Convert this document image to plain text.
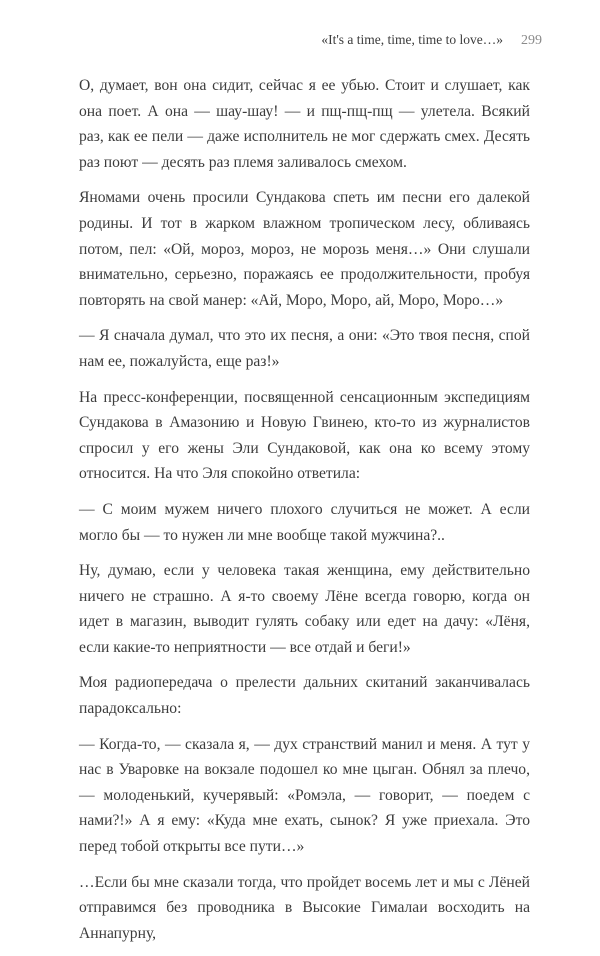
«It's a time, time, time to love…» 299

О, думает, вон она сидит, сейчас я ее убью. Стоит и слушает, как она поет. А она — шау-шау! — и пщ-пщ-пщ — улетела. Всякий раз, как ее пели — даже исполнитель не мог сдержать смех. Десять раз поют — десять раз племя заливалось смехом.

Яномами очень просили Сундакова спеть им песни его далекой родины. И тот в жарком влажном тропическом лесу, обливаясь потом, пел: «Ой, мороз, мороз, не морозь меня…» Они слушали внимательно, серьезно, поражаясь ее продолжительности, пробуя повторять на свой манер: «Ай, Моро, Моро, ай, Моро, Моро…»

— Я сначала думал, что это их песня, а они: «Это твоя песня, спой нам ее, пожалуйста, еще раз!»

На пресс-конференции, посвященной сенсационным экспедициям Сундакова в Амазонию и Новую Гвинею, кто-то из журналистов спросил у его жены Эли Сундаковой, как она ко всему этому относится. На что Эля спокойно ответила:

— С моим мужем ничего плохого случиться не может. А если могло бы — то нужен ли мне вообще такой мужчина?..

Ну, думаю, если у человека такая женщина, ему действительно ничего не страшно. А я-то своему Лёне всегда говорю, когда он идет в магазин, выводит гулять собаку или едет на дачу: «Лёня, если какие-то неприятности — все отдай и беги!»

Моя радиопередача о прелести дальних скитаний заканчивалась парадоксально:

— Когда-то, — сказала я, — дух странствий манил и меня. А тут у нас в Уваровке на вокзале подошел ко мне цыган. Обнял за плечо, — молоденький, кучерявый: «Ромэла, — говорит, — поедем с нами?!» А я ему: «Куда мне ехать, сынок? Я уже приехала. Это перед тобой открыты все пути…»

…Если бы мне сказали тогда, что пройдет восемь лет и мы с Лёней отправимся без проводника в Высокие Гималаи восходить на Аннапурну,
